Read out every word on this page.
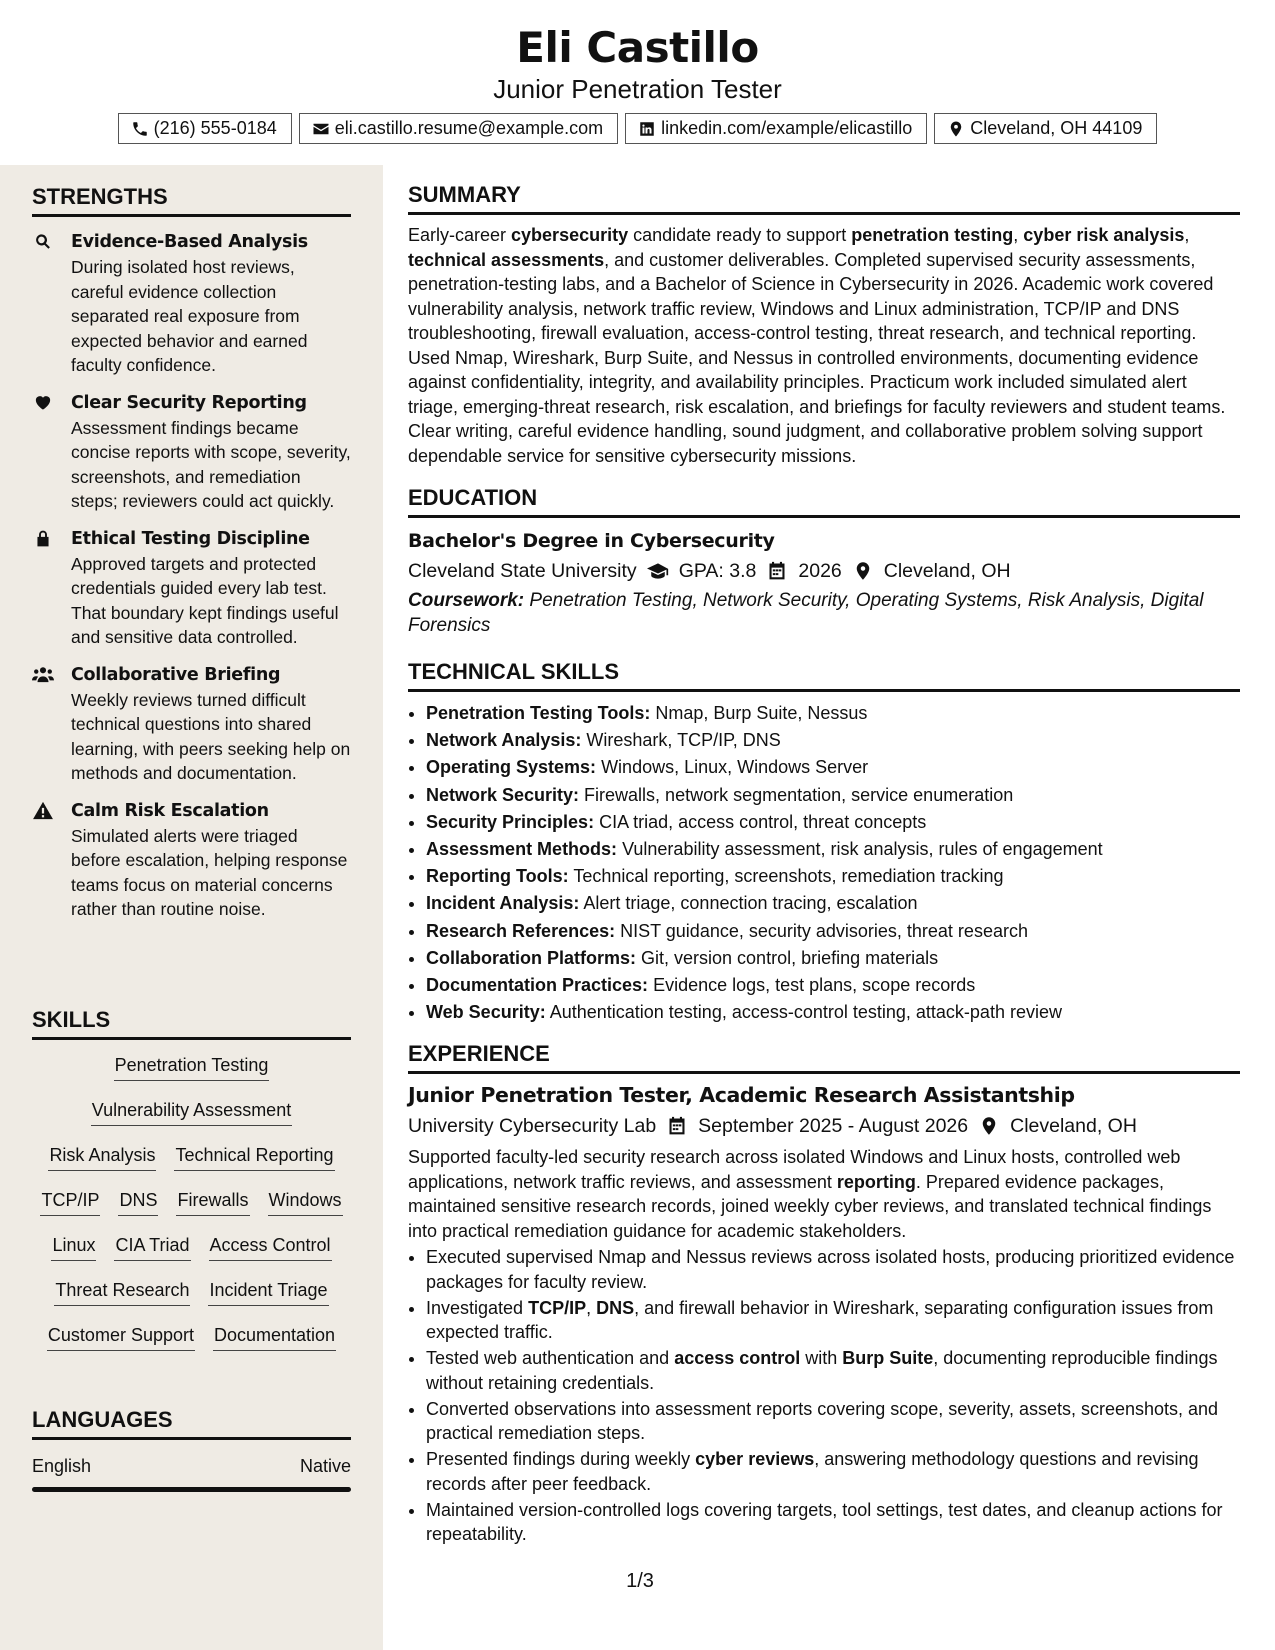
Eli Castillo
Junior Penetration Tester
(216) 555-0184	eli.castillo.resume@example.com	linkedin.com/example/elicastillo	Cleveland, OH 44109
STRENGTHS
Evidence-Based Analysis
During isolated host reviews, careful evidence collection separated real exposure from expected behavior and earned faculty confidence.
Clear Security Reporting
Assessment findings became concise reports with scope, severity, screenshots, and remediation steps; reviewers could act quickly.
Ethical Testing Discipline
Approved targets and protected credentials guided every lab test. That boundary kept findings useful and sensitive data controlled.
Collaborative Briefing
Weekly reviews turned difficult technical questions into shared learning, with peers seeking help on methods and documentation.
Calm Risk Escalation
Simulated alerts were triaged before escalation, helping response teams focus on material concerns rather than routine noise.
SKILLS
Penetration Testing
Vulnerability Assessment
Risk Analysis Technical Reporting
TCP/IP DNS Firewalls Windows
Linux CIA Triad Access Control
Threat Research Incident Triage
Customer Support Documentation
LANGUAGES
English	Native
SUMMARY

Early-career cybersecurity candidate ready to support penetration testing, cyber risk analysis, technical assessments, and customer deliverables. Completed supervised security assessments, penetration-testing labs, and a Bachelor of Science in Cybersecurity in 2026. Academic work covered vulnerability analysis, network traffic review, Windows and Linux administration, TCP/IP and DNS troubleshooting, firewall evaluation, access-control testing, threat research, and technical reporting. Used Nmap, Wireshark, Burp Suite, and Nessus in controlled environments, documenting evidence against confidentiality, integrity, and availability principles. Practicum work included simulated alert triage, emerging-threat research, risk escalation, and briefings for faculty reviewers and student teams. Clear writing, careful evidence handling, sound judgment, and collaborative problem solving support dependable service for sensitive cybersecurity missions.

EDUCATION
Bachelor's Degree in Cybersecurity
Cleveland State University GPA: 3.8 2026 Cleveland, OH
Coursework: Penetration Testing, Network Security, Operating Systems, Risk Analysis, Digital Forensics
TECHNICAL SKILLS
• Penetration Testing Tools: Nmap, Burp Suite, Nessus
• Network Analysis: Wireshark, TCP/IP, DNS
• Operating Systems: Windows, Linux, Windows Server
• Network Security: Firewalls, network segmentation, service enumeration
• Security Principles: CIA triad, access control, threat concepts
• Assessment Methods: Vulnerability assessment, risk analysis, rules of engagement
• Reporting Tools: Technical reporting, screenshots, remediation tracking
• Incident Analysis: Alert triage, connection tracing, escalation
• Research References: NIST guidance, security advisories, threat research
• Collaboration Platforms: Git, version control, briefing materials
• Documentation Practices: Evidence logs, test plans, scope records
• Web Security: Authentication testing, access-control testing, attack-path review
EXPERIENCE
Junior Penetration Tester, Academic Research Assistantship
University Cybersecurity Lab September 2025 - August 2026 Cleveland, OH
Supported faculty-led security research across isolated Windows and Linux hosts, controlled web applications, network traffic reviews, and assessment reporting. Prepared evidence packages, maintained sensitive research records, joined weekly cyber reviews, and translated technical findings into practical remediation guidance for academic stakeholders.
• Executed supervised Nmap and Nessus reviews across isolated hosts, producing prioritized evidence packages for faculty review.
• Investigated TCP/IP, DNS, and firewall behavior in Wireshark, separating configuration issues from expected traffic.
• Tested web authentication and access control with Burp Suite, documenting reproducible findings without retaining credentials.
• Converted observations into assessment reports covering scope, severity, assets, screenshots, and practical remediation steps.
• Presented findings during weekly cyber reviews, answering methodology questions and revising records after peer feedback.
• Maintained version-controlled logs covering targets, tool settings, test dates, and cleanup actions for repeatability.
1/3
